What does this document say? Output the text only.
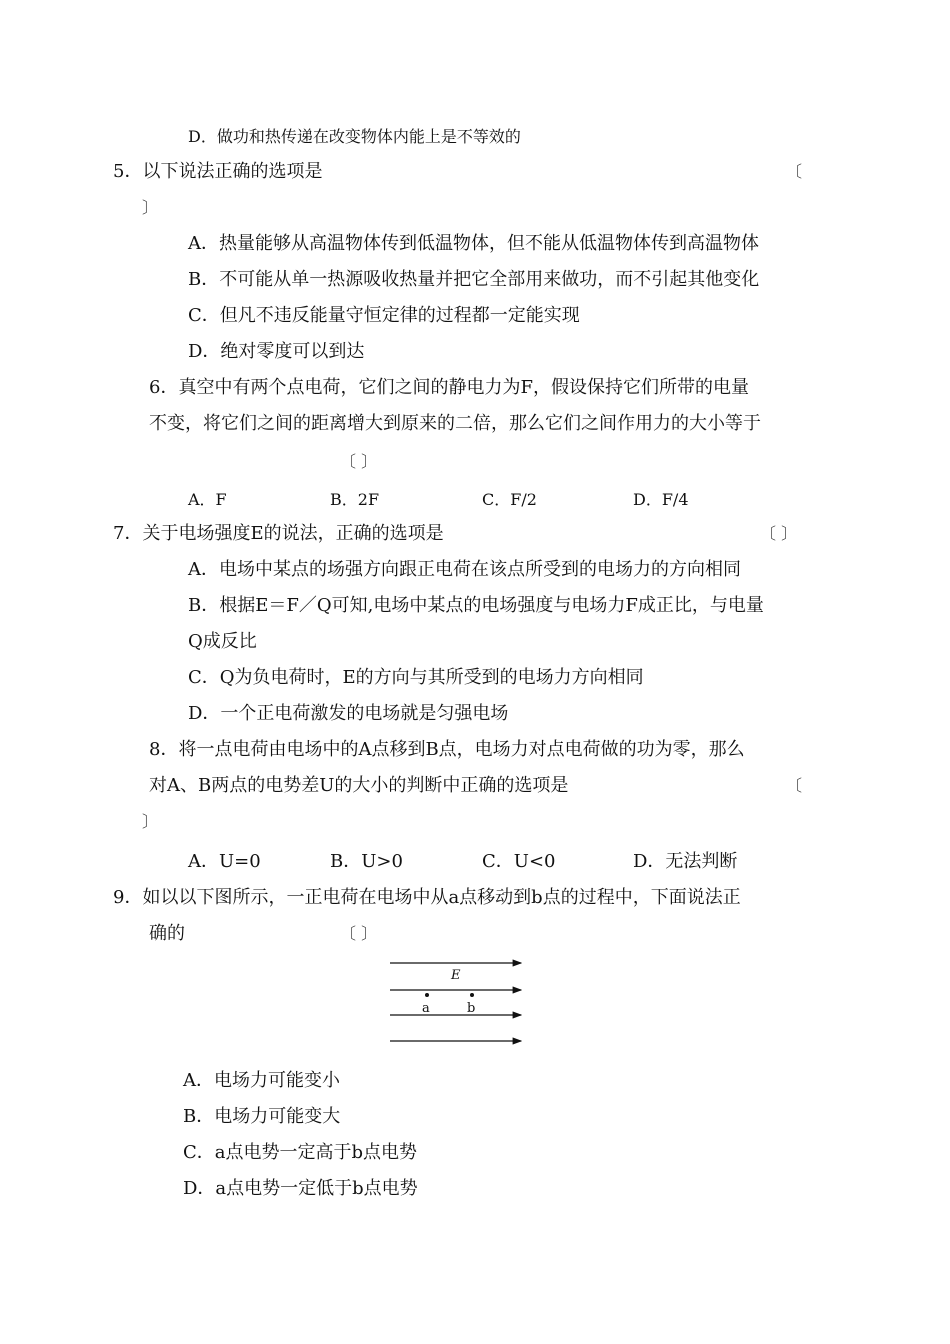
D．做功和热传递在改变物体内能上是不等效的
5．以下说法正确的选项是	〔
〕
A．热量能够从高温物体传到低温物体，但不能从低温物体传到高温物体
B．不可能从单一热源吸收热量并把它全部用来做功，而不引起其他变化
C．但凡不违反能量守恒定律的过程都一定能实现
D．绝对零度可以到达
6．真空中有两个点电荷，它们之间的静电力为F，假设保持它们所带的电量
不变，将它们之间的距离增大到原来的二倍，那么它们之间作用力的大小等于
〔 〕
A．F	B．2F	C．F/2	D．F/4
7．关于电场强度E的说法，正确的选项是	〔 〕
A．电场中某点的场强方向跟正电荷在该点所受到的电场力的方向相同
B．根据E＝F／Q可知,电场中某点的电场强度与电场力F成正比，与电量
Q成反比
C．Q为负电荷时，E的方向与其所受到的电场力方向相同
D．一个正电荷激发的电场就是匀强电场
8．将一点电荷由电场中的A点移到B点，电场力对点电荷做的功为零，那么
对A、B两点的电势差U的大小的判断中正确的选项是	〔
〕
A．U=0	B．U>0	C．U<0	D．无法判断
9．如以以下图所示，一正电荷在电场中从a点移动到b点的过程中，下面说法正
确的	〔 〕
E
a	b
A．电场力可能变小
B．电场力可能变大
C．a点电势一定高于b点电势
D．a点电势一定低于b点电势
